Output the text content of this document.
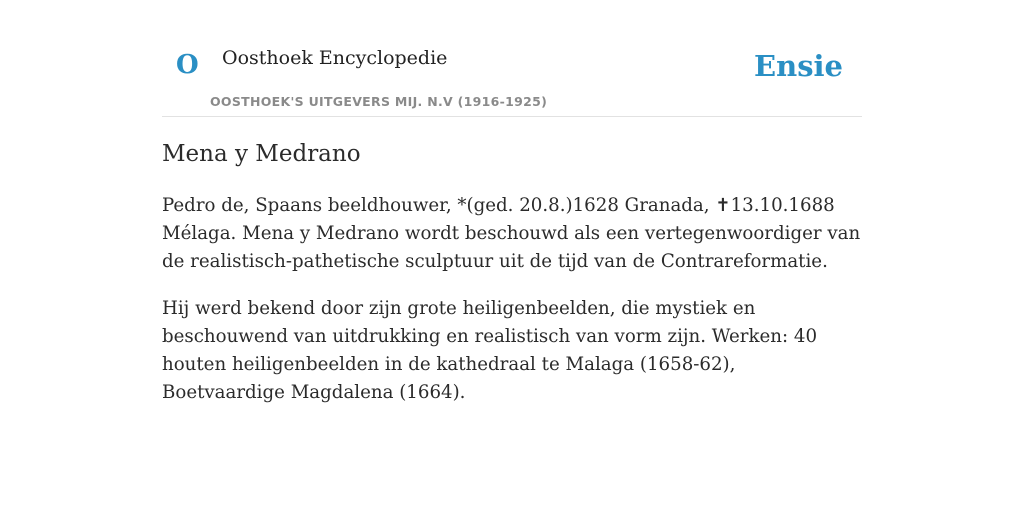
O Oosthoek Encyclopedie
OOSTHOEK'S UITGEVERS MIJ. N.V (1916-1925)
Ensie
Mena y Medrano

Pedro de, Spaans beeldhouwer, *(ged. 20.8.)1628 Granada, ✝13.10.1688 Mélaga. Mena y Medrano wordt beschouwd als een vertegenwoordiger van de realistisch-pathetische sculptuur uit de tijd van de Contrareformatie.

Hij werd bekend door zijn grote heiligenbeelden, die mystiek en beschouwend van uitdrukking en realistisch van vorm zijn. Werken: 40 houten heiligenbeelden in de kathedraal te Malaga (1658-62), Boetvaardige Magdalena (1664).
